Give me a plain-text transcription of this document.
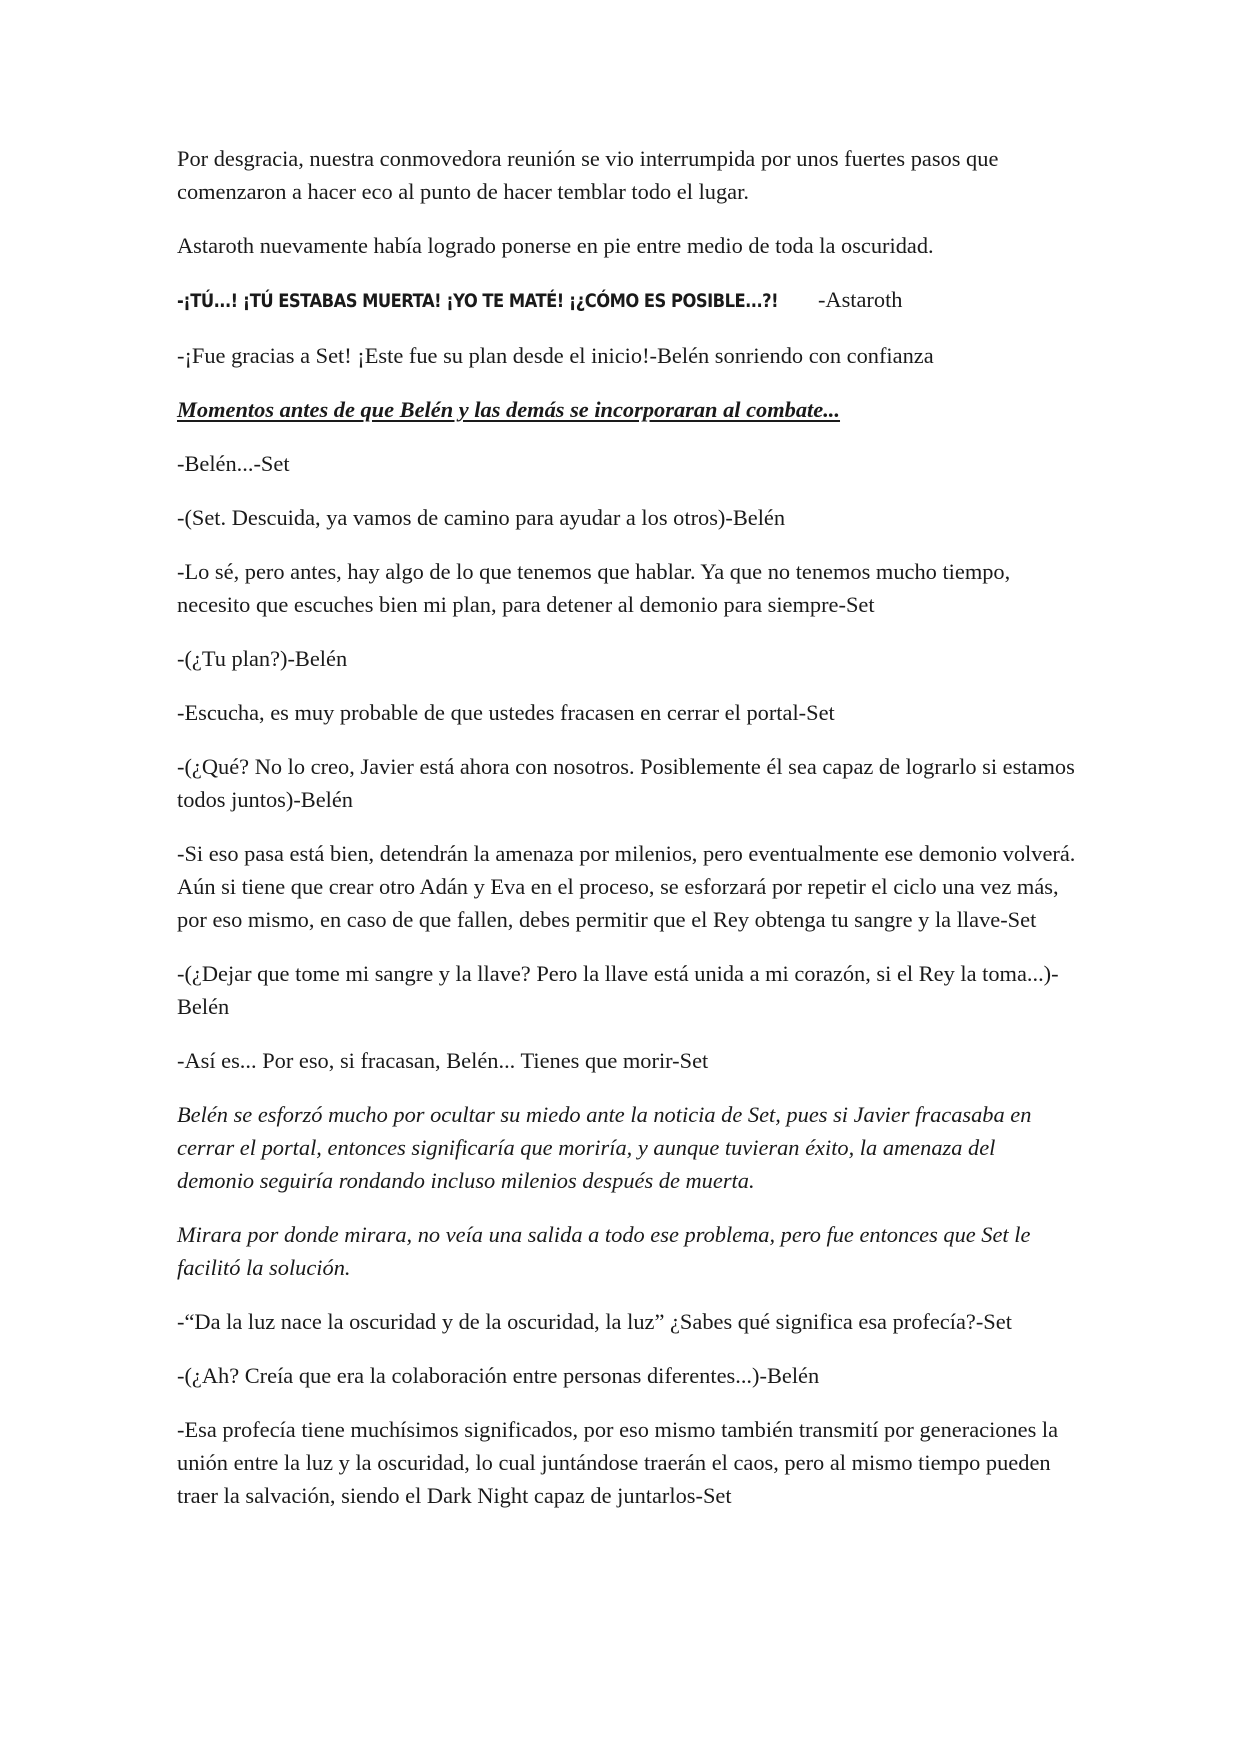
Por desgracia, nuestra conmovedora reunión se vio interrumpida por unos fuertes pasos que comenzaron a hacer eco al punto de hacer temblar todo el lugar.

Astaroth nuevamente había logrado ponerse en pie entre medio de toda la oscuridad.

-¡TÚ...! ¡TÚ ESTABAS MUERTA! ¡YO TE MATÉ! ¡¿CÓMO ES POSIBLE...?! -Astaroth

-¡Fue gracias a Set! ¡Este fue su plan desde el inicio!-Belén sonriendo con confianza

Momentos antes de que Belén y las demás se incorporaran al combate...

-Belén...-Set

-(Set. Descuida, ya vamos de camino para ayudar a los otros)-Belén

-Lo sé, pero antes, hay algo de lo que tenemos que hablar. Ya que no tenemos mucho tiempo, necesito que escuches bien mi plan, para detener al demonio para siempre-Set

-(¿Tu plan?)-Belén

-Escucha, es muy probable de que ustedes fracasen en cerrar el portal-Set

-(¿Qué? No lo creo, Javier está ahora con nosotros. Posiblemente él sea capaz de lograrlo si estamos todos juntos)-Belén

-Si eso pasa está bien, detendrán la amenaza por milenios, pero eventualmente ese demonio volverá. Aún si tiene que crear otro Adán y Eva en el proceso, se esforzará por repetir el ciclo una vez más, por eso mismo, en caso de que fallen, debes permitir que el Rey obtenga tu sangre y la llave-Set

-(¿Dejar que tome mi sangre y la llave? Pero la llave está unida a mi corazón, si el Rey la toma...)-Belén

-Así es... Por eso, si fracasan, Belén... Tienes que morir-Set

Belén se esforzó mucho por ocultar su miedo ante la noticia de Set, pues si Javier fracasaba en cerrar el portal, entonces significaría que moriría, y aunque tuvieran éxito, la amenaza del demonio seguiría rondando incluso milenios después de muerta.

Mirara por donde mirara, no veía una salida a todo ese problema, pero fue entonces que Set le facilitó la solución.

-“Da la luz nace la oscuridad y de la oscuridad, la luz” ¿Sabes qué significa esa profecía?-Set

-(¿Ah? Creía que era la colaboración entre personas diferentes...)-Belén

-Esa profecía tiene muchísimos significados, por eso mismo también transmití por generaciones la unión entre la luz y la oscuridad, lo cual juntándose traerán el caos, pero al mismo tiempo pueden traer la salvación, siendo el Dark Night capaz de juntarlos-Set
